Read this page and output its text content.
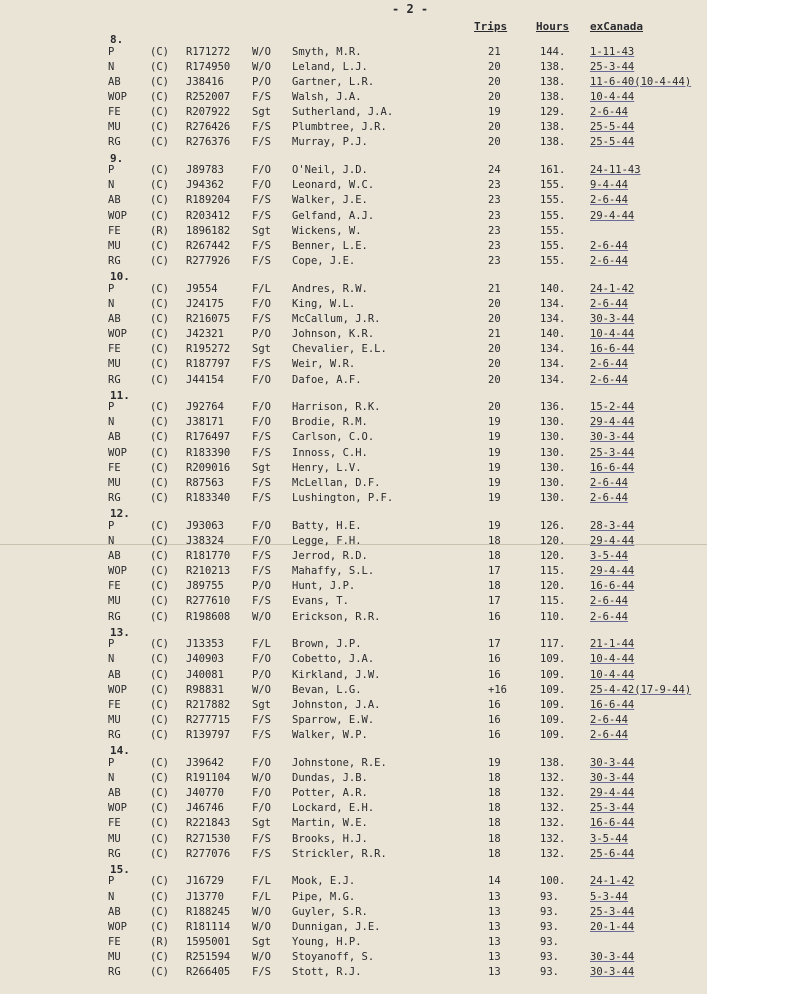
- 2 -
Trips	Hours exCanada
8.
P	(C) R171272 W/O Smyth, M.R.	21	144. 1-11-43
N	(C) R174950 W/O Leland, L.J.	20	138. 25-3-44
AB	(C) J38416	P/O Gartner, L.R.	20	138. 11-6-40(10-4-44)
WOP (C) R252007 F/S Walsh, J.A.	20	138. 10-4-44
FE	(C) R207922 Sgt Sutherland, J.A.	19	129. 2-6-44
MU	(C) R276426 F/S Plumbtree, J.R.	20	138. 25-5-44
RG	(C) R276376 F/S Murray, P.J.	20	138. 25-5-44
9.
P	(C) J89783	F/O O'Neil, J.D.	24	161. 24-11-43
N	(C) J94362	F/O Leonard, W.C.	23	155. 9-4-44
AB	(C) R189204 F/S Walker, J.E.	23	155. 2-6-44
WOP (C) R203412 F/S Gelfand, A.J.	23	155. 29-4-44
FE	(R) 1896182 Sgt Wickens, W.	23	155.
MU	(C) R267442 F/S Benner, L.E.	23	155. 2-6-44
RG	(C) R277926 F/S Cope, J.E.	23	155. 2-6-44
10.
P	(C) J9554	F/L Andres, R.W.	21	140. 24-1-42
N	(C) J24175	F/O King, W.L.	20	134. 2-6-44
AB	(C) R216075 F/S McCallum, J.R.	20	134. 30-3-44
WOP (C) J42321	P/O Johnson, K.R.	21	140. 10-4-44
FE	(C) R195272 Sgt Chevalier, E.L.	20	134. 16-6-44
MU	(C) R187797 F/S Weir, W.R.	20	134. 2-6-44
RG	(C) J44154	F/O Dafoe, A.F.	20	134. 2-6-44
11.
P	(C) J92764	F/O Harrison, R.K.	20	136. 15-2-44
N	(C) J38171	F/O Brodie, R.M.	19	130. 29-4-44
AB	(C) R176497 F/S Carlson, C.O.	19	130. 30-3-44
WOP (C) R183390 F/S Innoss, C.H.	19	130. 25-3-44
FE	(C) R209016 Sgt Henry, L.V.	19	130. 16-6-44
MU	(C) R87563	F/S McLellan, D.F.	19	130. 2-6-44
RG	(C) R183340 F/S Lushington, P.F.	19	130. 2-6-44
12.
P	(C) J93063	F/O Batty, H.E.	19	126. 28-3-44
N	(C) J38324	F/O Legge, F.H.	18	120. 29-4-44
AB	(C) R181770 F/S Jerrod, R.D.	18	120. 3-5-44
WOP (C) R210213 F/S Mahaffy, S.L.	17	115. 29-4-44
FE	(C) J89755	P/O Hunt, J.P.	18	120. 16-6-44
MU	(C) R277610 F/S Evans, T.	17	115. 2-6-44
RG	(C) R198608 W/O Erickson, R.R.	16	110. 2-6-44
13.
P	(C) J13353	F/L Brown, J.P.	17	117. 21-1-44
N	(C) J40903	F/O Cobetto, J.A.	16	109. 10-4-44
AB	(C) J40081	P/O Kirkland, J.W.	16	109. 10-4-44
WOP (C) R98831	W/O Bevan, L.G.	+16	109. 25-4-42(17-9-44)
FE	(C) R217882 Sgt Johnston, J.A.	16	109. 16-6-44
MU	(C) R277715 F/S Sparrow, E.W.	16	109. 2-6-44
RG	(C) R139797 F/S Walker, W.P.	16	109. 2-6-44
14.
P	(C) J39642	F/O Johnstone, R.E.	19	138. 30-3-44
N	(C) R191104 W/O Dundas, J.B.	18	132. 30-3-44
AB	(C) J40770	F/O Potter, A.R.	18	132. 29-4-44
WOP (C) J46746	F/O Lockard, E.H.	18	132. 25-3-44
FE	(C) R221843 Sgt Martin, W.E.	18	132. 16-6-44
MU	(C) R271530 F/S Brooks, H.J.	18	132. 3-5-44
RG	(C) R277076 F/S Strickler, R.R.	18	132. 25-6-44
15.
P	(C) J16729	F/L Mook, E.J.	14	100. 24-1-42
N	(C) J13770	F/L Pipe, M.G.	13	93.	5-3-44
AB	(C) R188245 W/O Guyler, S.R.	13	93.	25-3-44
WOP (C) R181114 W/O Dunnigan, J.E.	13	93.	20-1-44
FE	(R) 1595001 Sgt Young, H.P.	13	93.
MU	(C) R251594 W/O Stoyanoff, S.	13	93.	30-3-44
RG	(C) R266405 F/S Stott, R.J.	13	93.	30-3-44
